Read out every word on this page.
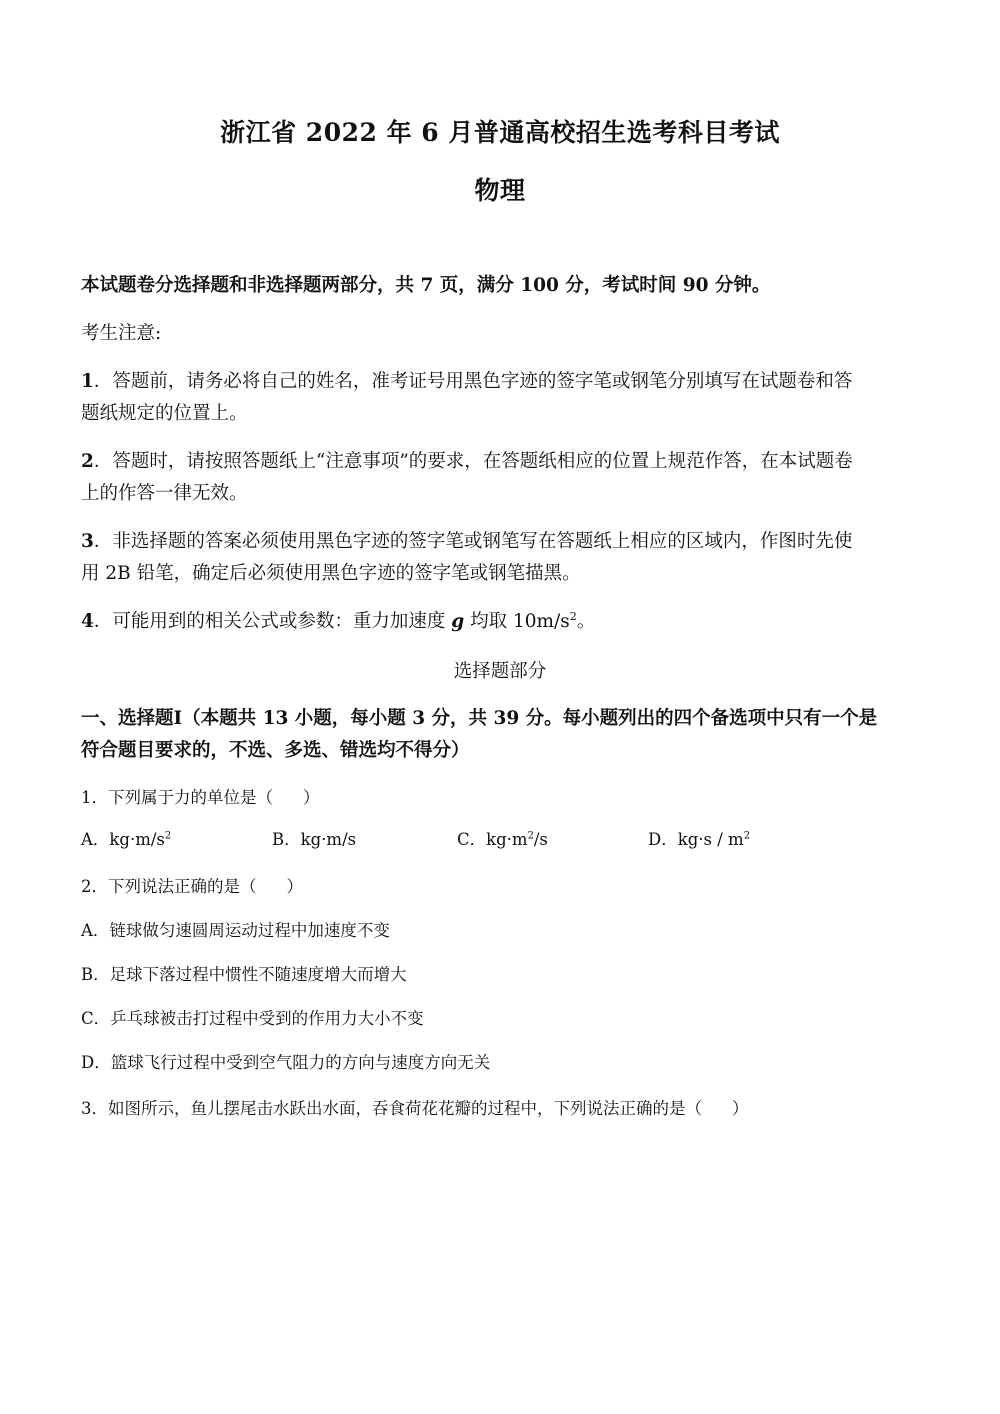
浙江省 2022 年 6 月普通高校招生选考科目考试
物理
本试题卷分选择题和非选择题两部分，共 7 页，满分 100 分，考试时间 90 分钟。
考生注意:
1．答题前，请务必将自己的姓名，准考证号用黑色字迹的签字笔或钢笔分别填写在试题卷和答
题纸规定的位置上。
2．答题时，请按照答题纸上“注意事项”的要求，在答题纸相应的位置上规范作答，在本试题卷
上的作答一律无效。
3．非选择题的答案必须使用黑色字迹的签字笔或钢笔写在答题纸上相应的区域内，作图时先使
用 2B 铅笔，确定后必须使用黑色字迹的签字笔或钢笔描黑。
4．可能用到的相关公式或参数：重力加速度 g 均取 $10m/s^2$。
选择题部分
一、选择题Ⅰ（本题共 13 小题，每小题 3 分，共 39 分。每小题列出的四个备选项中只有一个是
符合题目要求的，不选、多选、错选均不得分）
1．下列属于力的单位是（ ）
A．$kg\cdot m/s^2$	B．kg·m/s	C．$kg\cdot m^2/s$	D．$kg\cdot s / m^2$
2．下列说法正确的是（ ）
A．链球做匀速圆周运动过程中加速度不变
B．足球下落过程中惯性不随速度增大而增大
C．乒乓球被击打过程中受到的作用力大小不变
D．篮球飞行过程中受到空气阻力的方向与速度方向无关
3．如图所示，鱼儿摆尾击水跃出水面，吞食荷花花瓣的过程中，下列说法正确的是（ ）
